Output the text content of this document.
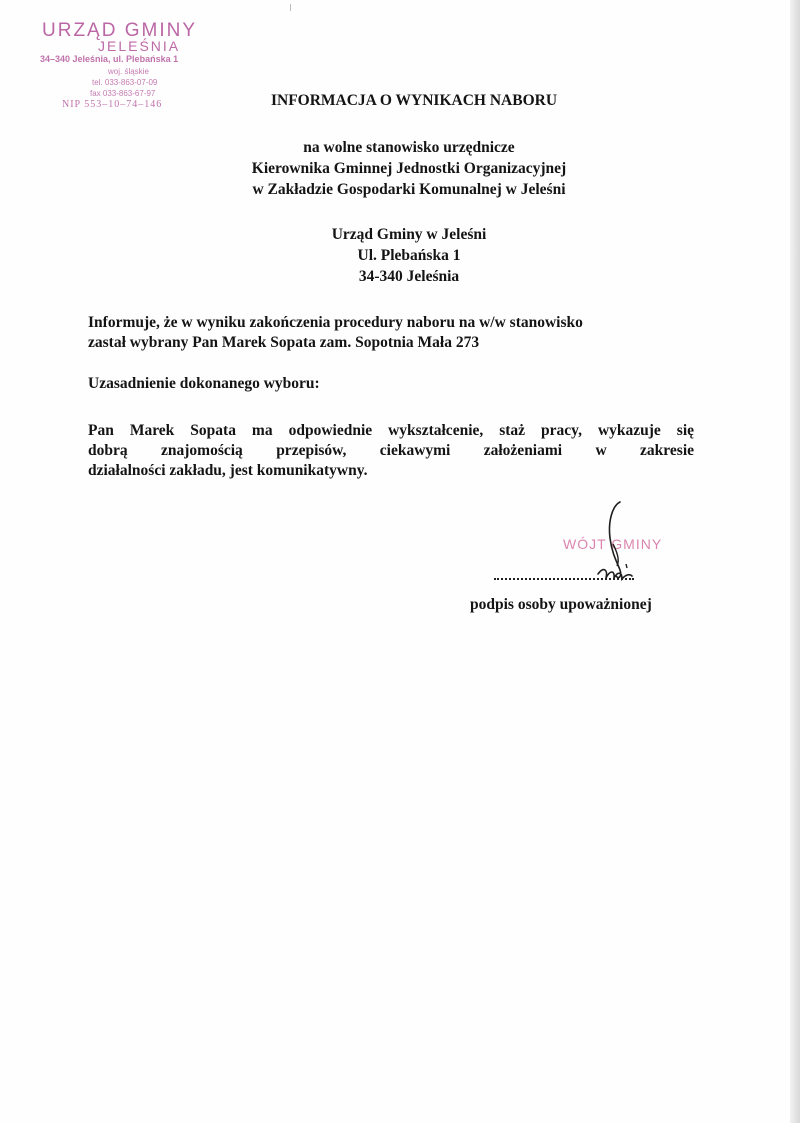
URZĄD GMINY
JELEŚNIA
34–340 Jeleśnia, ul. Plebańska 1
woj. śląskie
tel. 033-863-07-09
fax 033-863-67-97
NIP 553–10–74–146	INFORMACJA O WYNIKACH NABORU
na wolne stanowisko urzędnicze
Kierownika Gminnej Jednostki Organizacyjnej
w Zakładzie Gospodarki Komunalnej w Jeleśni
Urząd Gminy w Jeleśni
Ul. Plebańska 1
34-340 Jeleśnia
Informuje, że w wyniku zakończenia procedury naboru na w/w stanowisko
zastał wybrany Pan Marek Sopata zam. Sopotnia Mała 273
Uzasadnienie dokonanego wyboru:
Pan Marek Sopata ma odpowiednie wykształcenie, staż pracy, wykazuje się
dobrą znajomością przepisów, ciekawymi założeniami w zakresie
działalności zakładu, jest komunikatywny.
WÓJT GMINY
podpis osoby upoważnionej
